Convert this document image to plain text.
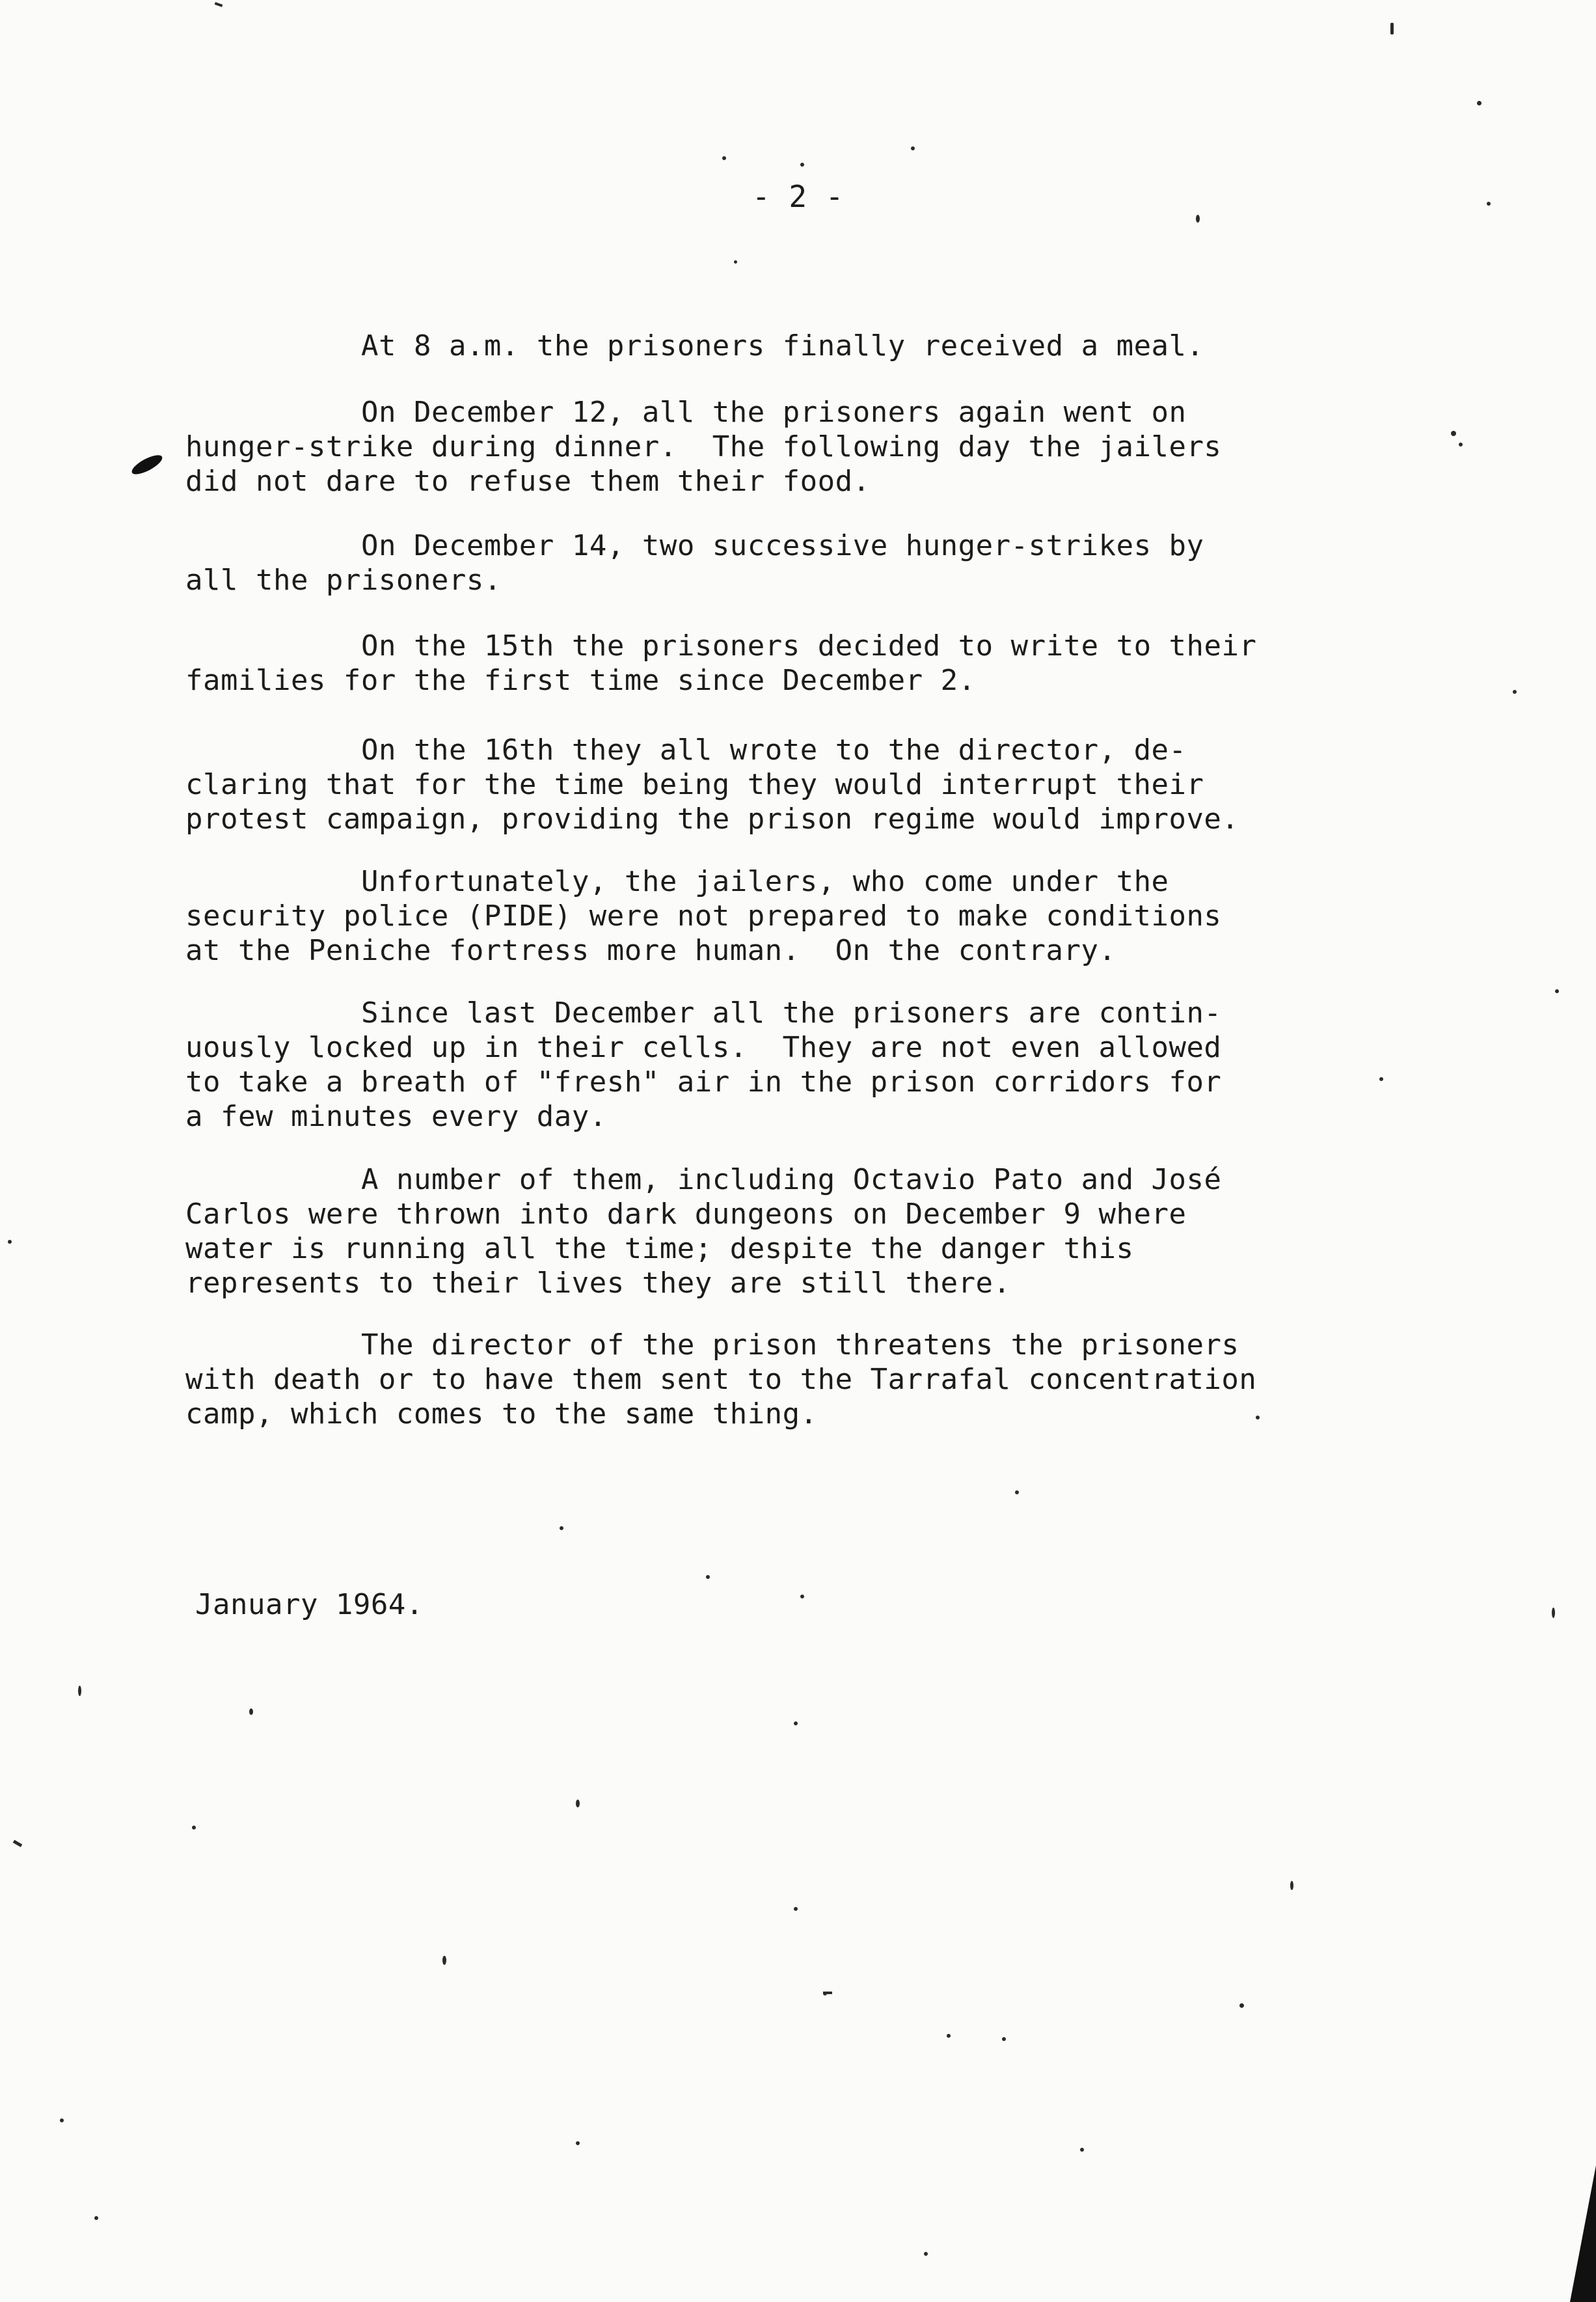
- 2 -

At 8 a.m. the prisoners finally received a meal.

On December 12, all the prisoners again went on
hunger-strike during dinner.  The following day the jailers
did not dare to refuse them their food.

On December 14, two successive hunger-strikes by
all the prisoners.

On the 15th the prisoners decided to write to their
families for the first time since December 2.

On the 16th they all wrote to the director, de-
claring that for the time being they would interrupt their
protest campaign, providing the prison regime would improve.

Unfortunately, the jailers, who come under the
security police (PIDE) were not prepared to make conditions
at the Peniche fortress more human.  On the contrary.

Since last December all the prisoners are contin-
uously locked up in their cells.  They are not even allowed
to take a breath of "fresh" air in the prison corridors for
a few minutes every day.

A number of them, including Octavio Pato and José
Carlos were thrown into dark dungeons on December 9 where
water is running all the time; despite the danger this
represents to their lives they are still there.

The director of the prison threatens the prisoners
with death or to have them sent to the Tarrafal concentration
camp, which comes to the same thing.

January 1964.
